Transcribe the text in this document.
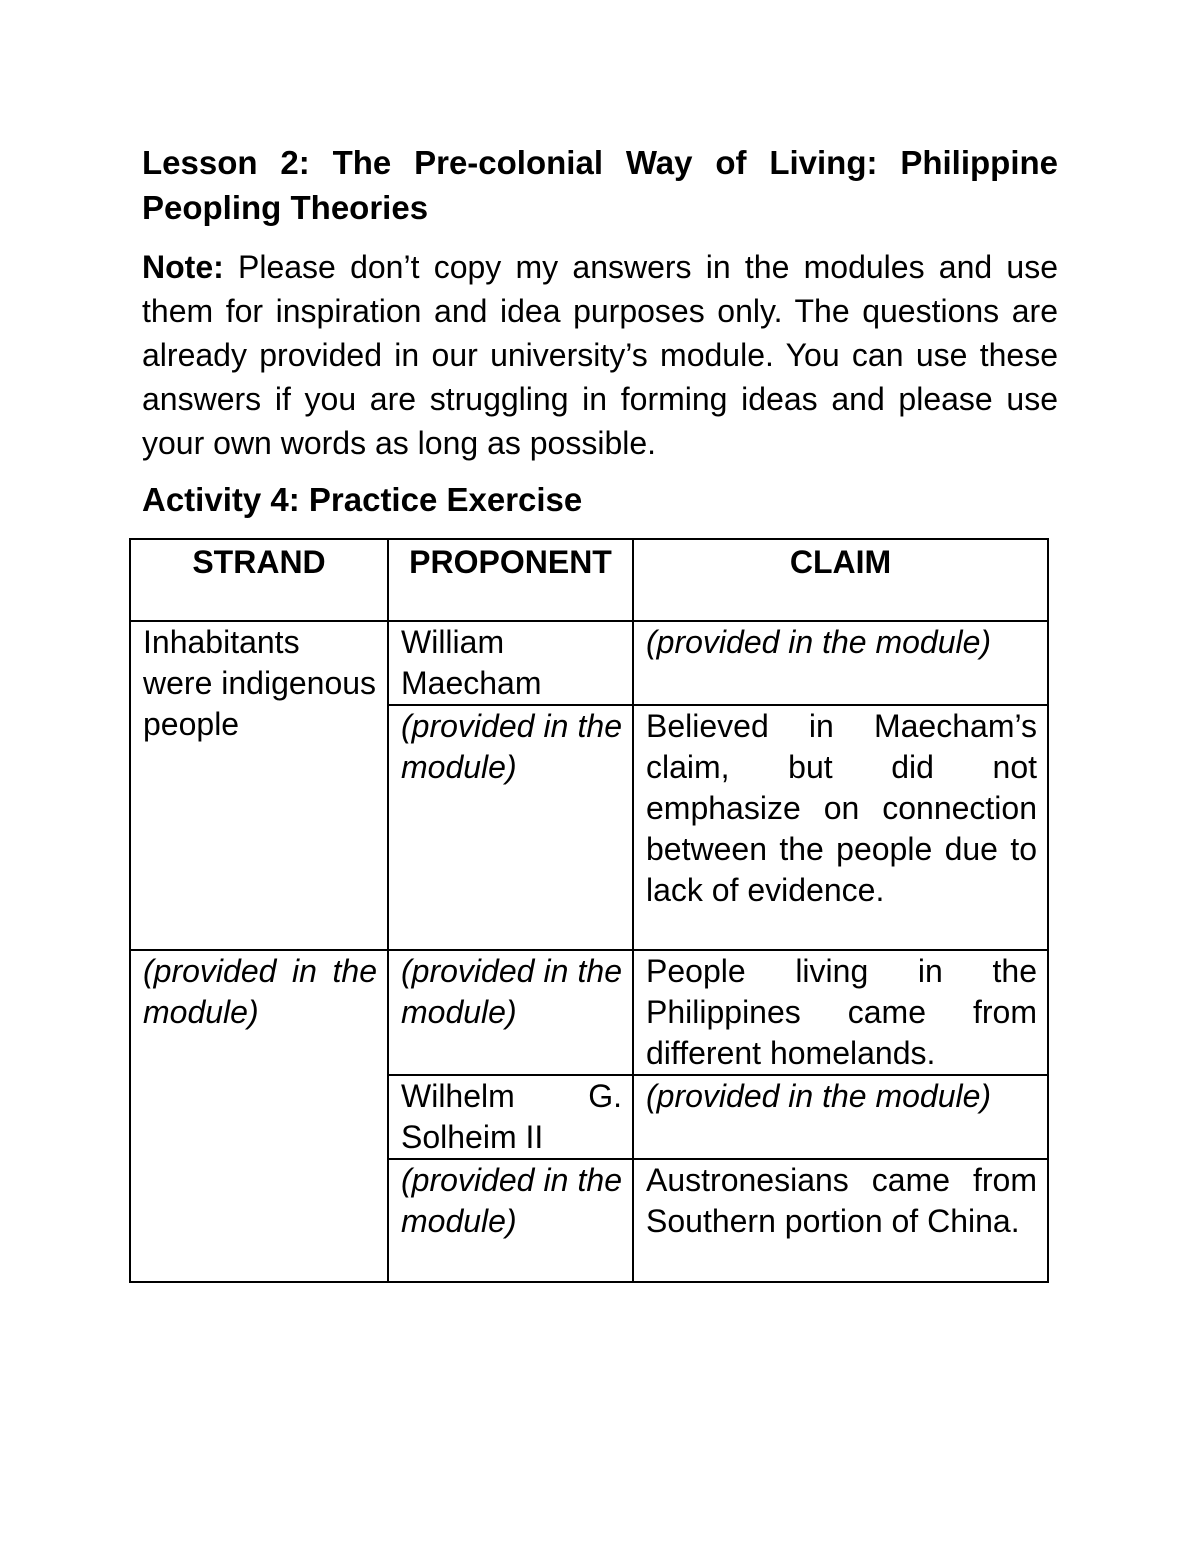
Lesson 2: The Pre-colonial Way of Living: Philippine Peopling Theories

Note: Please don’t copy my answers in the modules and use them for inspiration and idea purposes only. The questions are already provided in our university’s module. You can use these answers if you are struggling in forming ideas and please use your own words as long as possible.

Activity 4: Practice Exercise
STRAND	PROPONENT	CLAIM
Inhabitants were indigenous people	William Maecham	(provided in the module)
	(provided in the module)	Believed in Maecham’s claim, but did not emphasize on connection between the people due to lack of evidence.
(provided in the module)	(provided in the module)	People living in the Philippines came from different homelands.
	Wilhelm G. Solheim II	(provided in the module)
	(provided in the module)	Austronesians came from Southern portion of China.
